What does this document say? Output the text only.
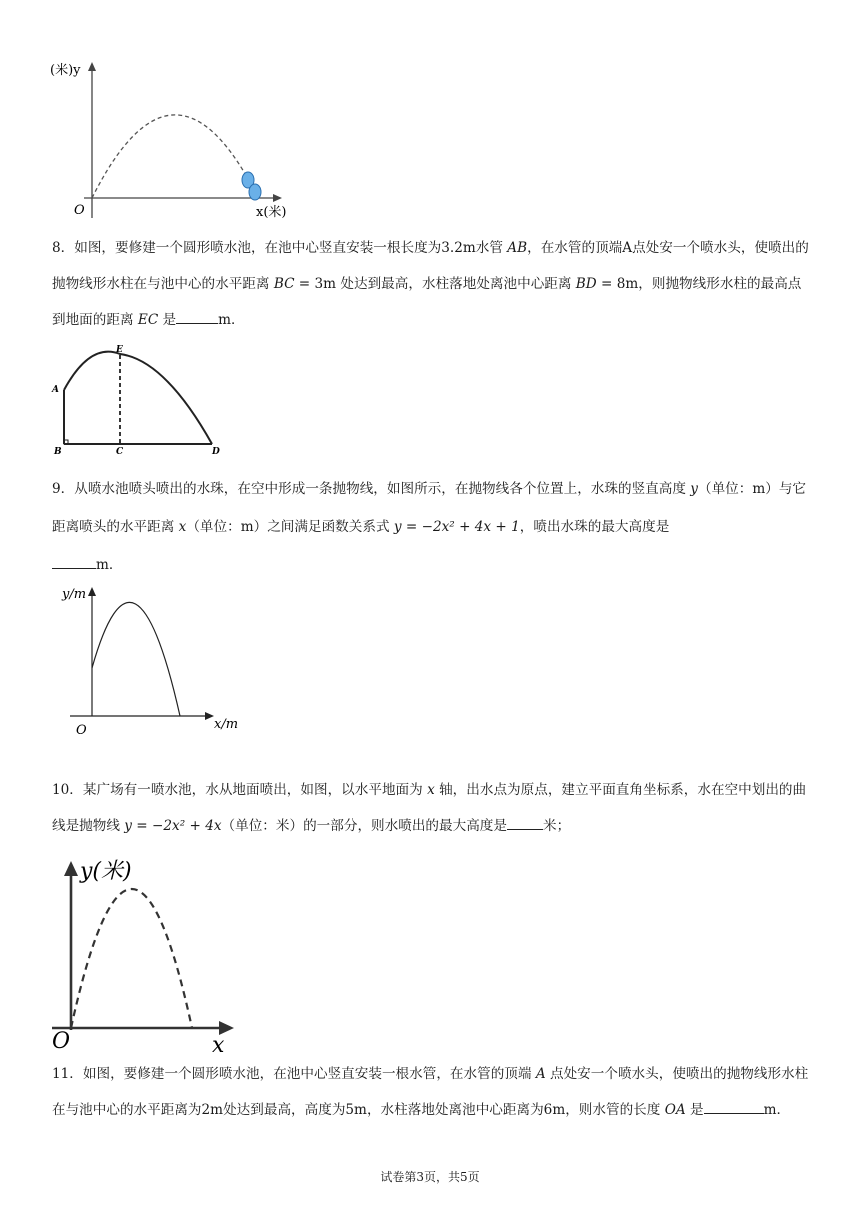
(米)y
O	x(米)

8．如图，要修建一个圆形喷水池，在池中心竖直安装一根长度为3.2m水管 AB，在水管的顶端A点处安一个喷水头，使喷出的抛物线形水柱在与池中心的水平距离 BC = 3m 处达到最高，水柱落地处离池中心距离 BD = 8m，则抛物线形水柱的最高点到地面的距离 EC 是	m．

A
B	C	D
E

9．从喷水池喷头喷出的水珠，在空中形成一条抛物线，如图所示，在抛物线各个位置上，水珠的竖直高度 y（单位：m）与它距离喷头的水平距离 x（单位：m）之间满足函数关系式 y = −2x² + 4x + 1，喷出水珠的最大高度是
m．

y/m
O	x/m

10．某广场有一喷水池，水从地面喷出，如图，以水平地面为 x 轴，出水点为原点，建立平面直角坐标系，水在空中划出的曲线是抛物线 y = −2x² + 4x（单位：米）的一部分，则水喷出的最大高度是	米；

y(米)
O	x

11．如图，要修建一个圆形喷水池，在池中心竖直安装一根水管，在水管的顶端 A 点处安一个喷水头，使喷出的抛物线形水柱在与池中心的水平距离为2m处达到最高，高度为5m，水柱落地处离池中心距离为6m，则水管的长度 OA 是	m．

试卷第3页，共5页
